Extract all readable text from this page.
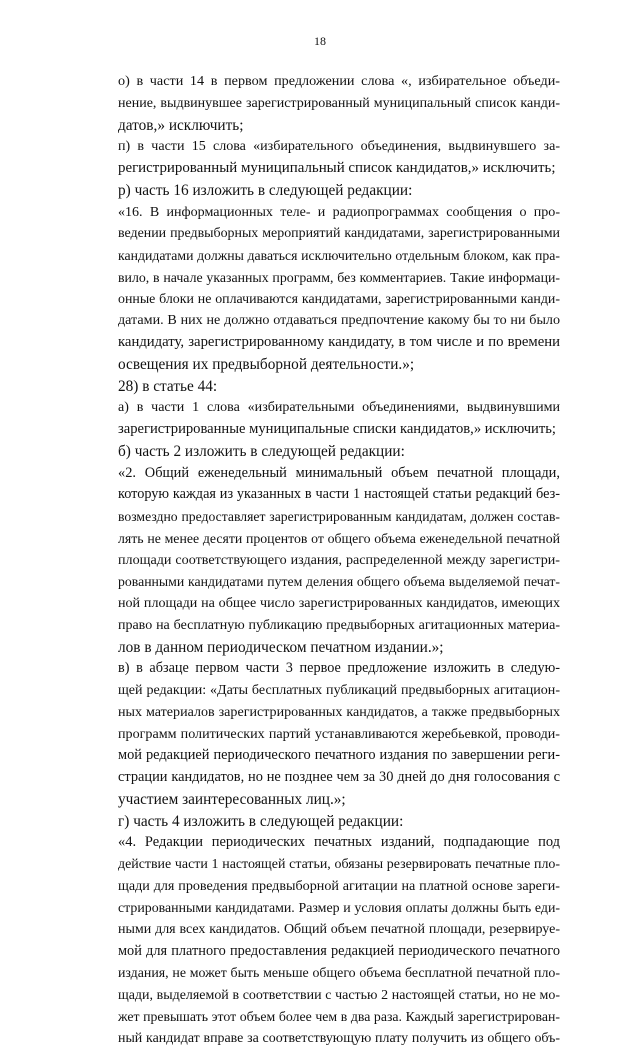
18
о) в части 14 в первом предложении слова «, избирательное объеди-
нение, выдвинувшее зарегистрированный муниципальный список канди-
датов,» исключить;
п) в части 15 слова «избирательного объединения, выдвинувшего за-
регистрированный муниципальный список кандидатов,» исключить;
р) часть 16 изложить в следующей редакции:
«16. В информационных теле- и радиопрограммах сообщения о про-
ведении предвыборных мероприятий кандидатами, зарегистрированными
кандидатами должны даваться исключительно отдельным блоком, как пра-
вило, в начале указанных программ, без комментариев. Такие информаци-
онные блоки не оплачиваются кандидатами, зарегистрированными канди-
датами. В них не должно отдаваться предпочтение какому бы то ни было
кандидату, зарегистрированному кандидату, в том числе и по времени
освещения их предвыборной деятельности.»;
28) в статье 44:
а) в части 1 слова «избирательными объединениями, выдвинувшими
зарегистрированные муниципальные списки кандидатов,» исключить;
б) часть 2 изложить в следующей редакции:
«2. Общий еженедельный минимальный объем печатной площади,
которую каждая из указанных в части 1 настоящей статьи редакций без-
возмездно предоставляет зарегистрированным кандидатам, должен состав-
лять не менее десяти процентов от общего объема еженедельной печатной
площади соответствующего издания, распределенной между зарегистри-
рованными кандидатами путем деления общего объема выделяемой печат-
ной площади на общее число зарегистрированных кандидатов, имеющих
право на бесплатную публикацию предвыборных агитационных материа-
лов в данном периодическом печатном издании.»;
в) в абзаце первом части 3 первое предложение изложить в следую-
щей редакции: «Даты бесплатных публикаций предвыборных агитацион-
ных материалов зарегистрированных кандидатов, а также предвыборных
программ политических партий устанавливаются жеребьевкой, проводи-
мой редакцией периодического печатного издания по завершении реги-
страции кандидатов, но не позднее чем за 30 дней до дня голосования с
участием заинтересованных лиц.»;
г) часть 4 изложить в следующей редакции:
«4. Редакции периодических печатных изданий, подпадающие под
действие части 1 настоящей статьи, обязаны резервировать печатные пло-
щади для проведения предвыборной агитации на платной основе зареги-
стрированными кандидатами. Размер и условия оплаты должны быть еди-
ными для всех кандидатов. Общий объем печатной площади, резервируе-
мой для платного предоставления редакцией периодического печатного
издания, не может быть меньше общего объема бесплатной печатной пло-
щади, выделяемой в соответствии с частью 2 настоящей статьи, но не мо-
жет превышать этот объем более чем в два раза. Каждый зарегистрирован-
ный кандидат вправе за соответствующую плату получить из общего объ-
